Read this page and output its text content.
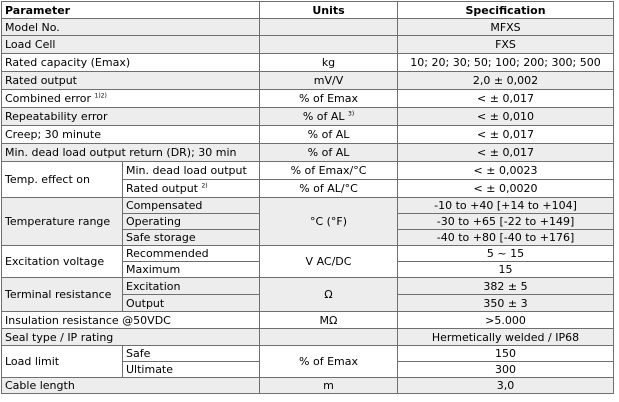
Parameter		Units	Specification
Model No.			MFXS
Load Cell			FXS
Rated capacity (Emax)		kg	10; 20; 30; 50; 100; 200; 300; 500
Rated output		mV/V	2,0 ± 0,002
Combined error $^{1)2)}$		% of Emax	< ± 0,017
Repeatability error		% of AL $^{3)}$	< ± 0,010
Creep; 30 minute		% of AL	< ± 0,017
Min. dead load output return (DR); 30 min		% of AL	< ± 0,017
Temp. effect on	Min. dead load output	% of Emax/°C	< ± 0,0023
	Rated output $^{2)}$	% of AL/°C	< ± 0,0020
Temperature range	Compensated	°C (°F)	-10 to +40 [+14 to +104]
	Operating		-30 to +65 [-22 to +149]
	Safe storage		-40 to +80 [-40 to +176]
Excitation voltage	Recommended	V AC/DC	5 ~ 15
	Maximum		15
Terminal resistance	Excitation	Ω	382 ± 5
	Output		350 ± 3
Insulation resistance @50VDC		MΩ	>5.000
Seal type / IP rating			Hermetically welded / IP68
Load limit	Safe	% of Emax	150
	Ultimate		300
Cable length		m	3,0
